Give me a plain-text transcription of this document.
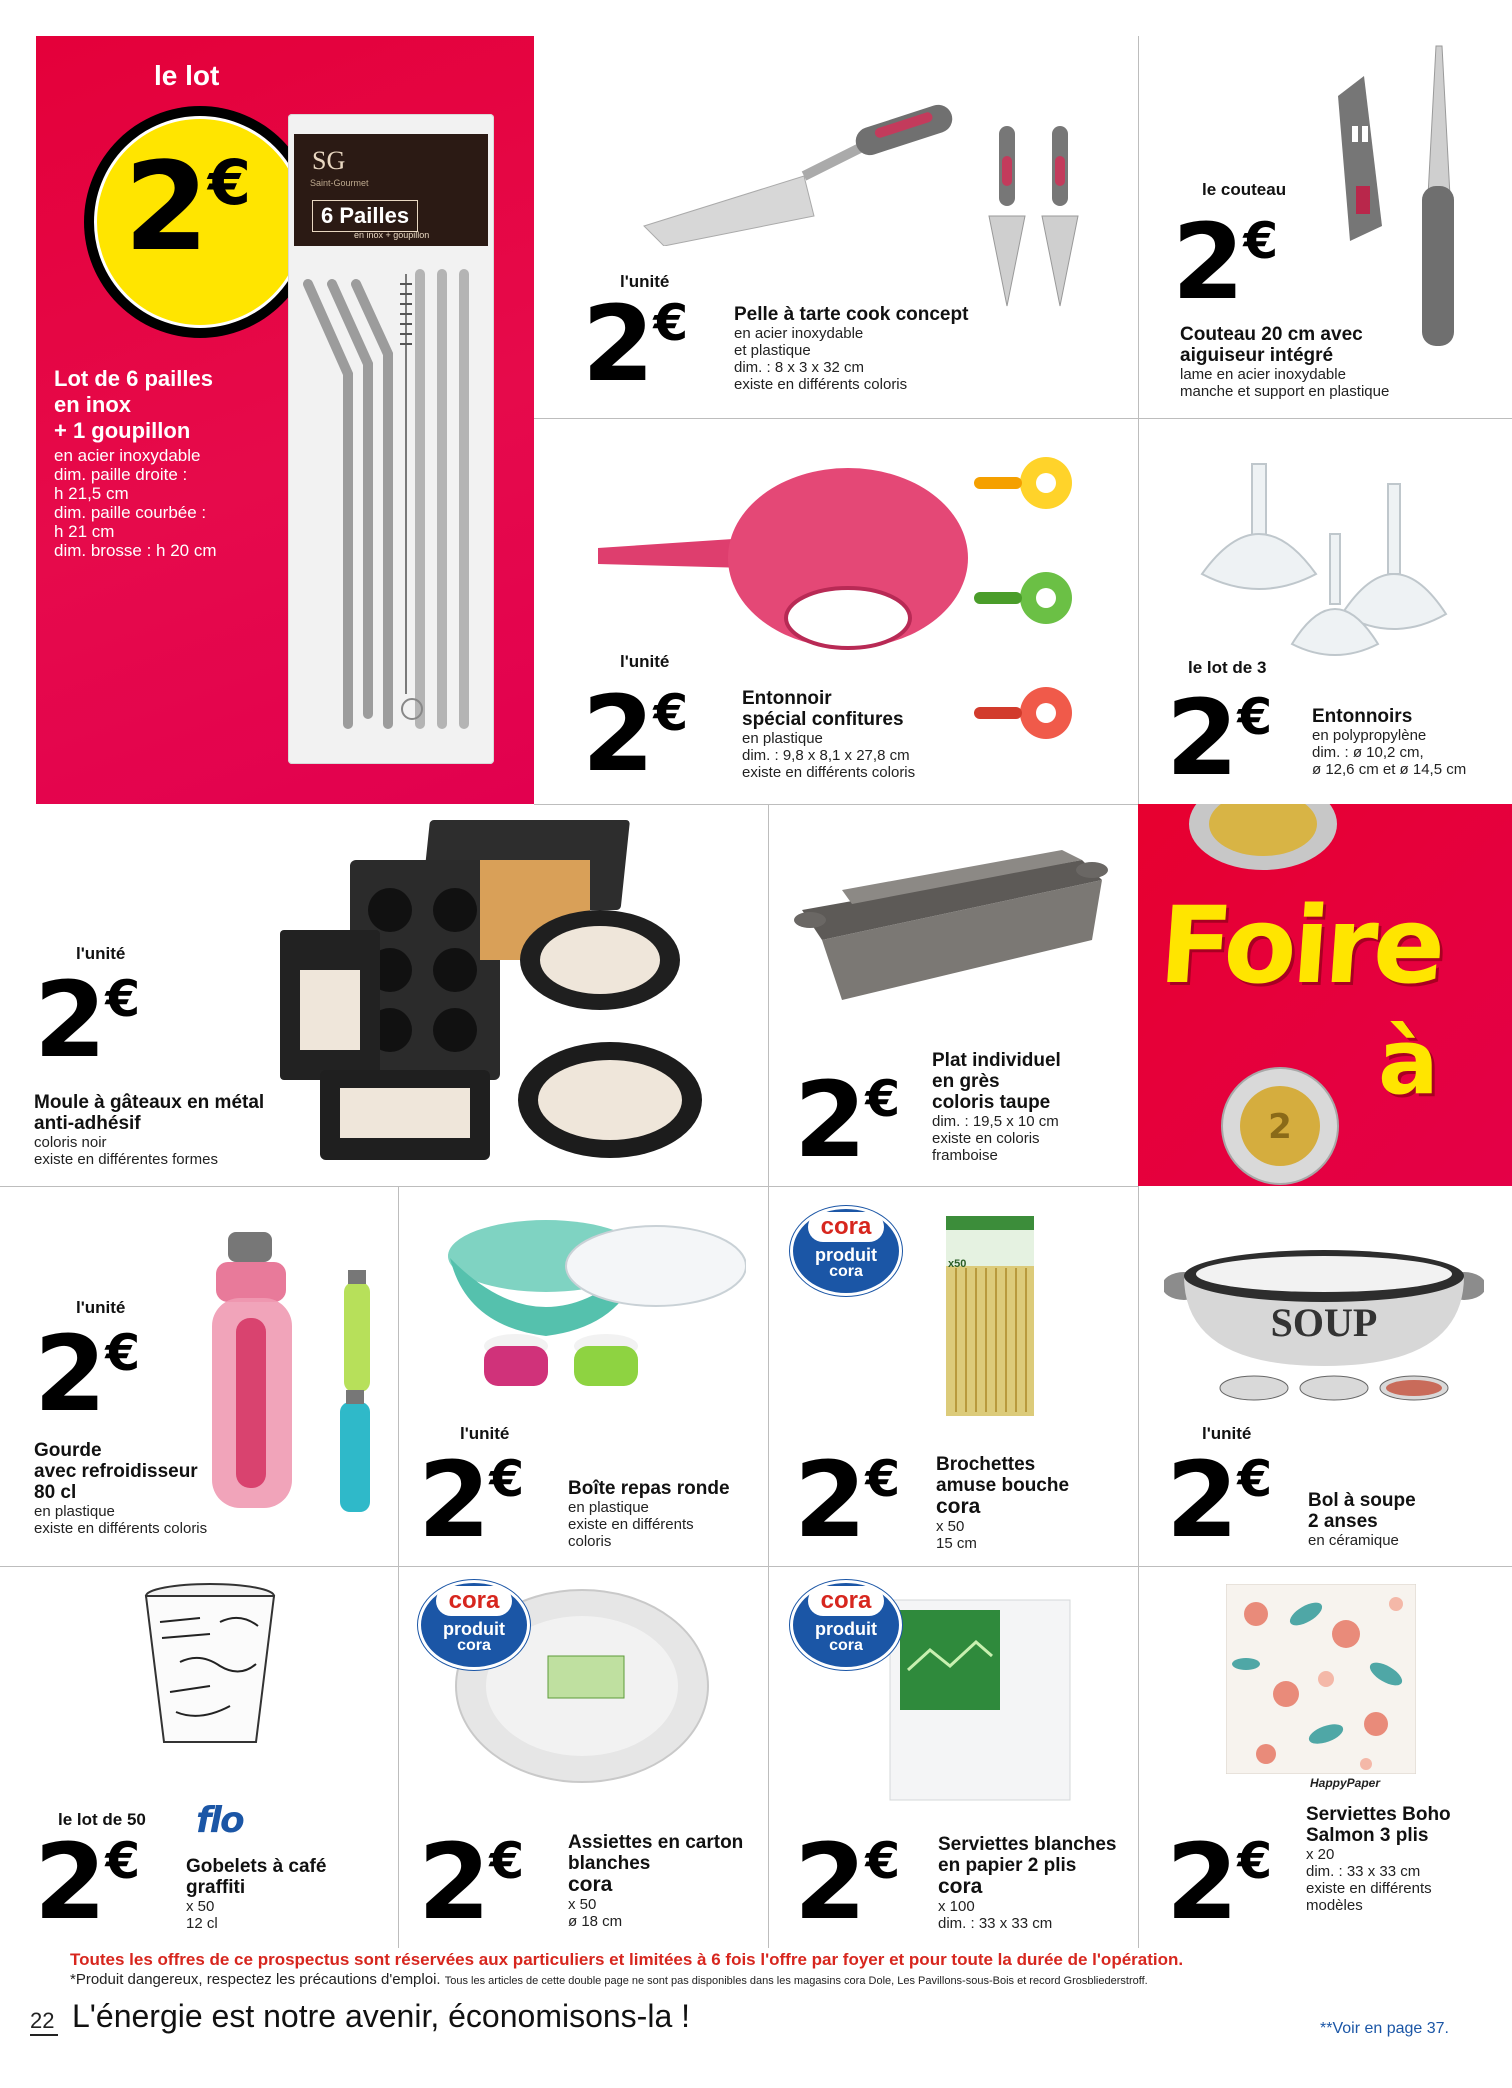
le lot
2€ SG
Saint-Gourmet
6 Pailles
en inox + goupillon
Lot de 6 pailles
en inox
+ 1 goupillon
en acier inoxydable
dim. paille droite :
h 21,5 cm
dim. paille courbée :
h 21 cm
dim. brosse : h 20 cm
l'unité
2€	Pelle à tarte cook concept
en acier inoxydable
et plastique
dim. : 8 x 3 x 32 cm
existe en différents coloris
le couteau
2€
Couteau 20 cm avec
aiguiseur intégré
lame en acier inoxydable
manche et support en plastique
l'unité
2€	Entonnoir
spécial confitures
en plastique
dim. : 9,8 x 8,1 x 27,8 cm
existe en différents coloris
le lot de 3
2€ Entonnoirs
en polypropylène
dim. : ø 10,2 cm,
ø 12,6 cm et ø 14,5 cm
l'unité
2€
Moule à gâteaux en métal
anti-adhésif
coloris noir
existe en différentes formes	2€
Plat individuel
en grès
coloris taupe
dim. : 19,5 x 10 cm
existe en coloris
framboise
Foire
à
2
l'unité
2€
Gourde
avec refroidisseur
80 cl
en plastique
existe en différents coloris
l'unité
2€ Boîte repas ronde
en plastique
existe en différents
coloris
cora
produit
cora	x50
2€ Brochettes
amuse bouche
cora
x 50
15 cm
SOUP
l'unité
2€ Bol à soupe
2 anses
en céramique
le lot de 50 flo
2€	Gobelets à café
graffiti
x 50
12 cl
cora
produit
cora
2€ Assiettes en carton
blanches
cora
x 50
ø 18 cm
cora
produit
cora
2€ Serviettes blanches
en papier 2 plis
cora
x 100
dim. : 33 x 33 cm
HappyPaper
2€
Serviettes Boho
Salmon 3 plis
x 20
dim. : 33 x 33 cm
existe en différents
modèles
Toutes les offres de ce prospectus sont réservées aux particuliers et limitées à 6 fois l'offre par foyer et pour toute la durée de l'opération.
*Produit dangereux, respectez les précautions d'emploi. Tous les articles de cette double page ne sont pas disponibles dans les magasins cora Dole, Les Pavillons-sous-Bois et record Grosbliederstroff.
22 L'énergie est notre avenir, économisons-la !	**Voir en page 37.
